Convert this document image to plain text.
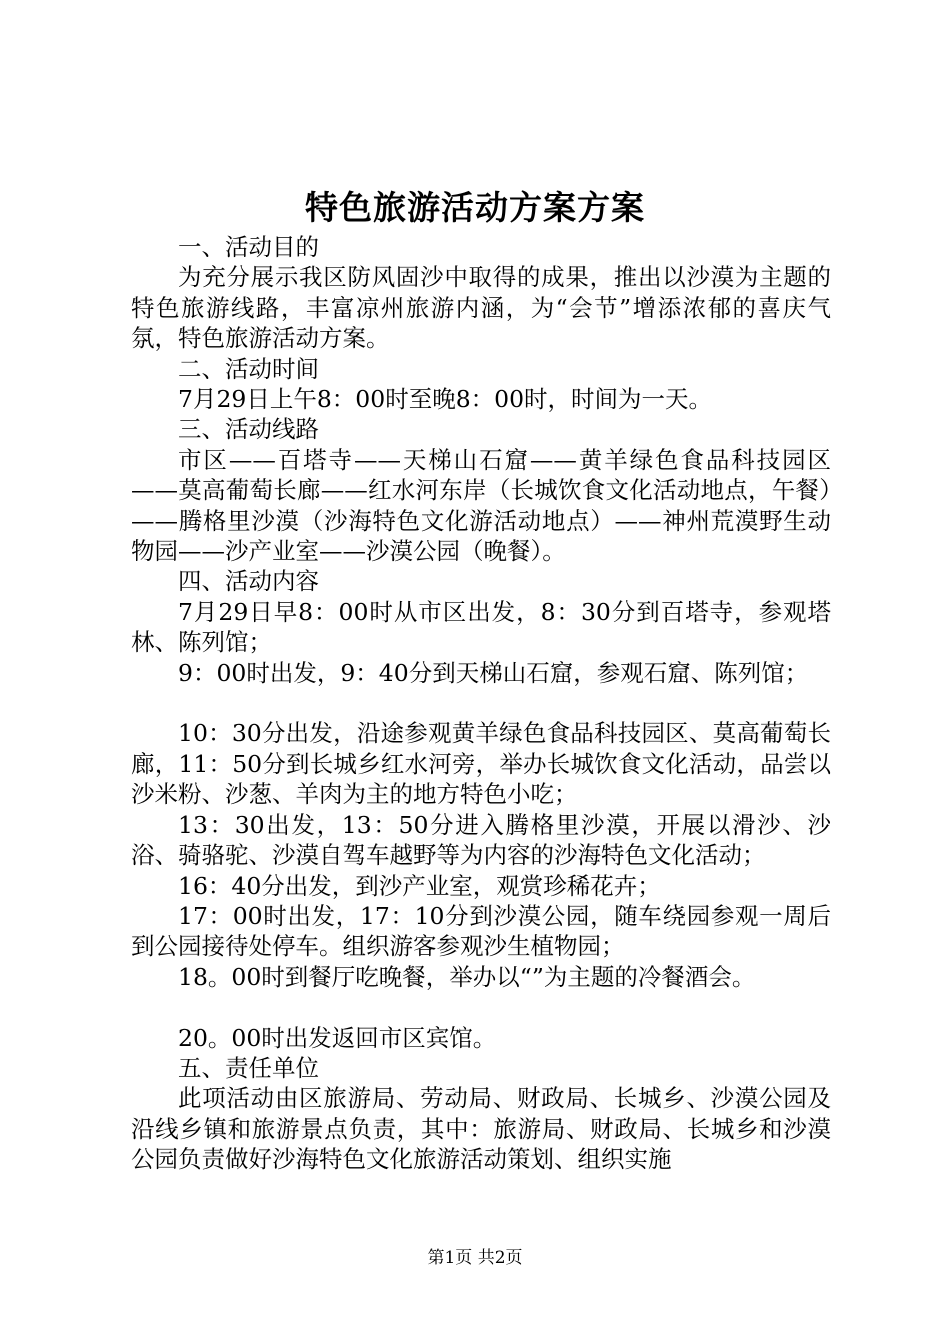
特色旅游活动方案方案

一、活动目的

为充分展示我区防风固沙中取得的成果，推出以沙漠为主题的特色旅游线路，丰富凉州旅游内涵，为“会节”增添浓郁的喜庆气氛，特色旅游活动方案。

二、活动时间

7月29日上午8：00时至晚8：00时，时间为一天。

三、活动线路

市区——百塔寺——天梯山石窟——黄羊绿色食品科技园区——莫高葡萄长廊——红水河东岸（长城饮食文化活动地点，午餐）——腾格里沙漠（沙海特色文化游活动地点）——神州荒漠野生动物园——沙产业室——沙漠公园（晚餐）。

四、活动内容

7月29日早8：00时从市区出发，8：30分到百塔寺，参观塔林、陈列馆；

9：00时出发，9：40分到天梯山石窟，参观石窟、陈列馆；

10：30分出发，沿途参观黄羊绿色食品科技园区、莫高葡萄长廊，11：50分到长城乡红水河旁，举办长城饮食文化活动，品尝以沙米粉、沙葱、羊肉为主的地方特色小吃；

13：30出发，13：50分进入腾格里沙漠，开展以滑沙、沙浴、骑骆驼、沙漠自驾车越野等为内容的沙海特色文化活动；

16：40分出发，到沙产业室，观赏珍稀花卉；

17：00时出发，17：10分到沙漠公园，随车绕园参观一周后到公园接待处停车。组织游客参观沙生植物园；

18。00时到餐厅吃晚餐，举办以“”为主题的冷餐酒会。

20。00时出发返回市区宾馆。

五、责任单位

此项活动由区旅游局、劳动局、财政局、长城乡、沙漠公园及沿线乡镇和旅游景点负责，其中：旅游局、财政局、长城乡和沙漠公园负责做好沙海特色文化旅游活动策划、组织实施

第1页 共2页
